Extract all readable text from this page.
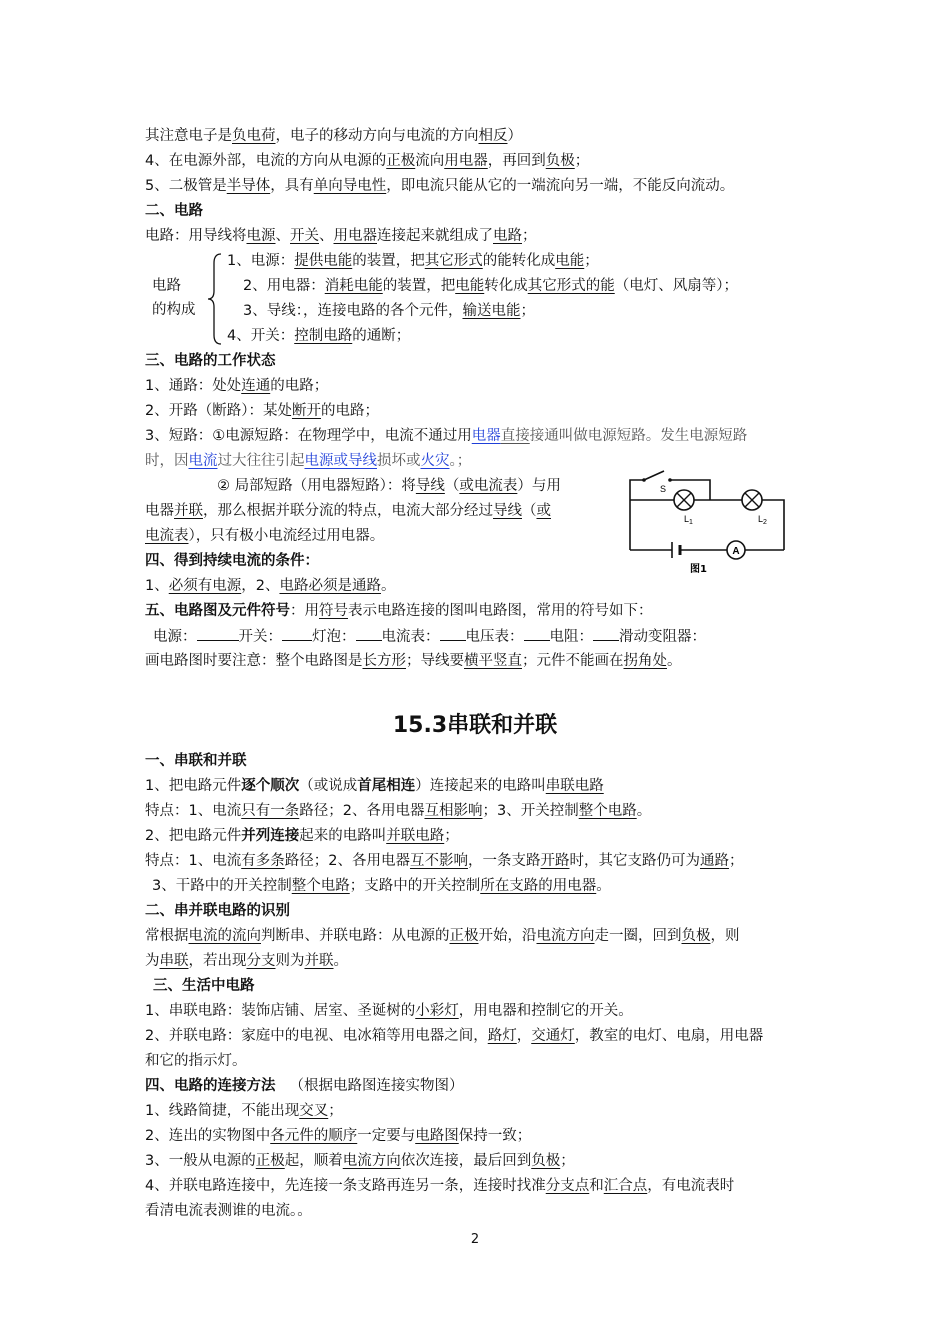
其注意电子是负电荷，电子的移动方向与电流的方向相反）
4、在电源外部，电流的方向从电源的正极流向用电器，再回到负极；
5、二极管是半导体，具有单向导电性，即电流只能从它的一端流向另一端，不能反向流动。
二、电路
电路：用导线将电源、开关、用电器连接起来就组成了电路；
电路
的构成
1、电源：提供电能的装置，把其它形式的能转化成电能；
2、用电器：消耗电能的装置，把电能转化成其它形式的能（电灯、风扇等）；
3、导线：，连接电路的各个元件，输送电能；
4、开关：控制电路的通断；
三、电路的工作状态
1、通路：处处连通的电路；
2、开路（断路）：某处断开的电路；
3、短路：①电源短路：在物理学中，电流不通过用电器直接接通叫做电源短路。发生电源短路
时，因电流过大往往引起电源或导线损坏或火灾。；
② 局部短路（用电器短路）：将导线（或电流表）与用
电器并联，那么根据并联分流的特点，电流大部分经过导线（或
电流表），只有极小电流经过用电器。
A
S
$L_1$	$L_2$
图1
四、得到持续电流的条件：
1、必须有电源，2、电路必须是通路。
五、电路图及元件符号：用符号表示电路连接的图叫电路图，常用的符号如下：
电源：	开关： 灯泡： 电流表： 电压表： 电阻： 滑动变阻器：
画电路图时要注意：整个电路图是长方形；导线要横平竖直；元件不能画在拐角处。
15.3串联和并联
一、串联和并联
1、把电路元件逐个顺次（或说成首尾相连）连接起来的电路叫串联电路
特点：1、电流只有一条路径；2、各用电器互相影响；3、开关控制整个电路。
2、把电路元件并列连接起来的电路叫并联电路；
特点：1、电流有多条路径；2、各用电器互不影响，一条支路开路时，其它支路仍可为通路；
3、干路中的开关控制整个电路；支路中的开关控制所在支路的用电器。
二、串并联电路的识别
常根据电流的流向判断串、并联电路：从电源的正极开始，沿电流方向走一圈，回到负极，则
为串联，若出现分支则为并联。
三、生活中电路
1、串联电路：装饰店铺、居室、圣诞树的小彩灯，用电器和控制它的开关。
2、并联电路：家庭中的电视、电冰箱等用电器之间，路灯，交通灯，教室的电灯、电扇，用电器
和它的指示灯。
四、电路的连接方法 （根据电路图连接实物图）
1、线路简捷，不能出现交叉；
2、连出的实物图中各元件的顺序一定要与电路图保持一致；
3、一般从电源的正极起，顺着电流方向依次连接，最后回到负极；
4、并联电路连接中，先连接一条支路再连另一条，连接时找准分支点和汇合点，有电流表时
看清电流表测谁的电流。。
2
